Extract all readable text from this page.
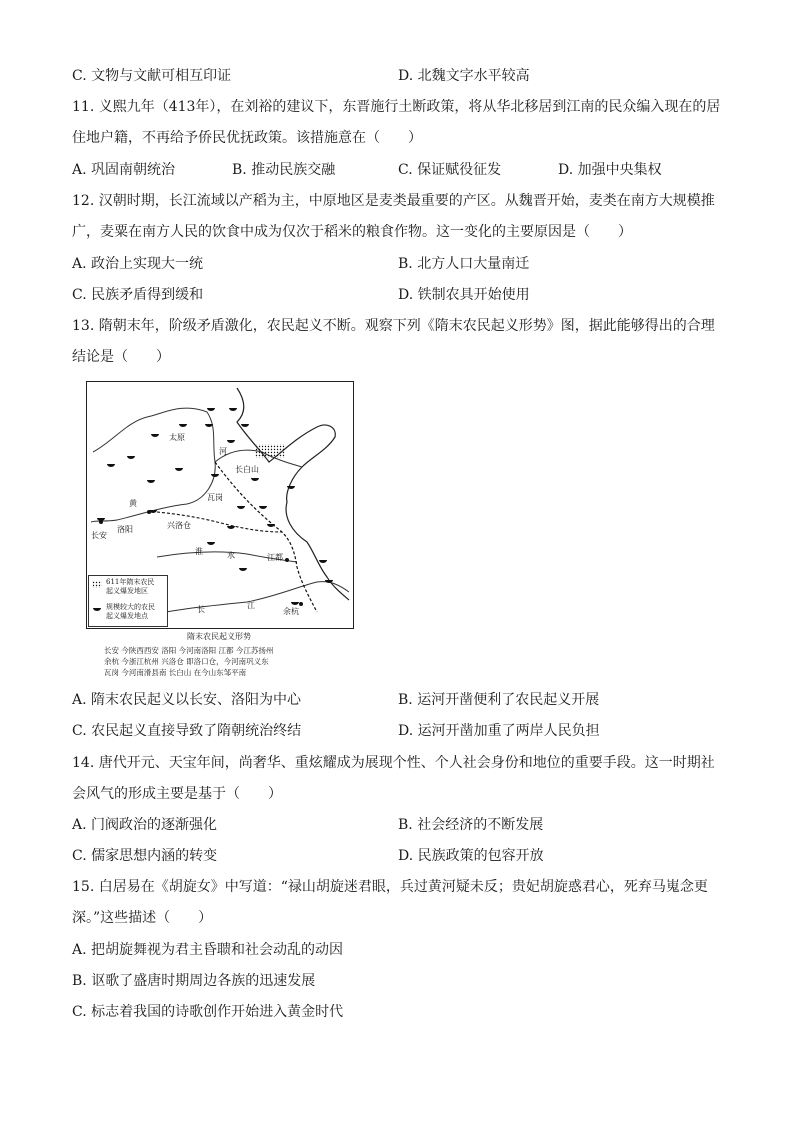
C. 文物与文献可相互印证	D. 北魏文字水平较高
11. 义熙九年（413年），在刘裕的建议下，东晋施行土断政策，将从华北移居到江南的民众编入现在的居
住地户籍，不再给予侨民优抚政策。该措施意在（　　）
A. 巩固南朝统治	B. 推动民族交融	C. 保证赋役征发	D. 加强中央集权
12. 汉朝时期，长江流域以产稻为主，中原地区是麦类最重要的产区。从魏晋开始，麦类在南方大规模推
广，麦粟在南方人民的饮食中成为仅次于稻米的粮食作物。这一变化的主要原因是（　　）
A. 政治上实现大一统	B. 北方人口大量南迁
C. 民族矛盾得到缓和	D. 铁制农具开始使用
13. 隋朝末年，阶级矛盾激化，农民起义不断。观察下列《隋末农民起义形势》图，据此能够得出的合理
结论是（　　）
太原
长白山
瓦岗
黄
洛阳	兴洛仓
长安
淮	水	江都
长	江
余杭
河
611年隋末农民
起义爆发地区
规模较大的农民
起义爆发地点
隋末农民起义形势
长安 今陕西西安 洛阳 今河南洛阳 江都 今江苏扬州
余杭 今浙江杭州 兴洛仓 即洛口仓，今河南巩义东
瓦岗 今河南滑县南 长白山 在今山东邹平南
A. 隋末农民起义以长安、洛阳为中心	B. 运河开凿便利了农民起义开展
C. 农民起义直接导致了隋朝统治终结	D. 运河开凿加重了两岸人民负担
14. 唐代开元、天宝年间，尚奢华、重炫耀成为展现个性、个人社会身份和地位的重要手段。这一时期社
会风气的形成主要是基于（　　）
A. 门阀政治的逐渐强化	B. 社会经济的不断发展
C. 儒家思想内涵的转变	D. 民族政策的包容开放
15. 白居易在《胡旋女》中写道：“禄山胡旋迷君眼，兵过黄河疑未反；贵妃胡旋惑君心，死弃马嵬念更
深。”这些描述（　　）
A. 把胡旋舞视为君主昏聩和社会动乱的动因
B. 讴歌了盛唐时期周边各族的迅速发展
C. 标志着我国的诗歌创作开始进入黄金时代
